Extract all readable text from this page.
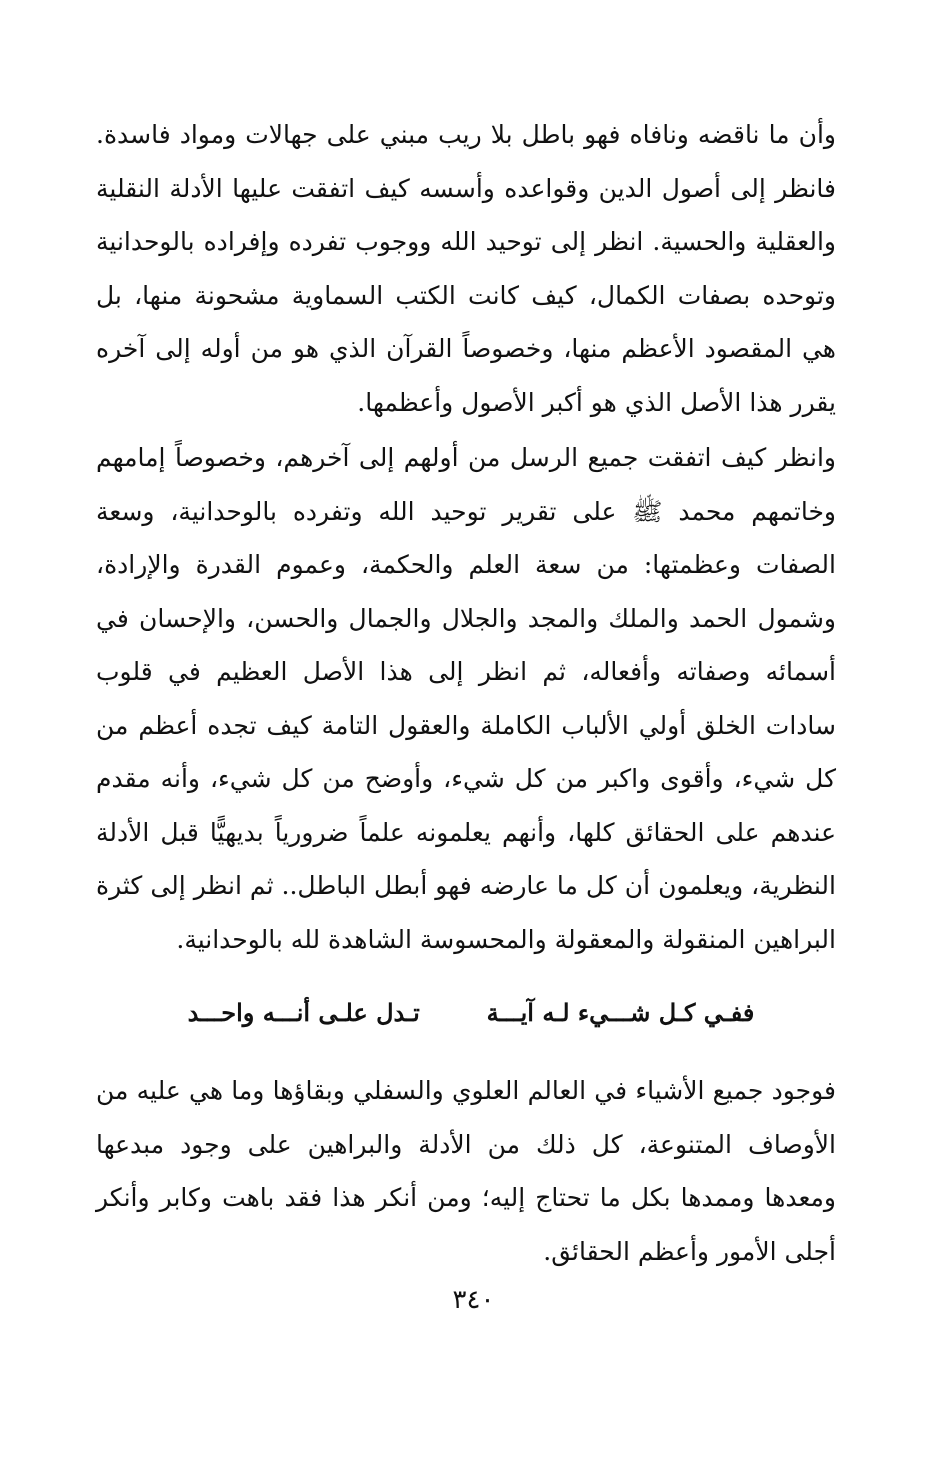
وأن ما ناقضه ونافاه فهو باطل بلا ريب مبني على جهالات ومواد فاسدة. فانظر إلى أصول الدين وقواعده وأسسه كيف اتفقت عليها الأدلة النقلية والعقلية والحسية. انظر إلى توحيد الله ووجوب تفرده وإفراده بالوحدانية وتوحده بصفات الكمال، كيف كانت الكتب السماوية مشحونة منها، بل هي المقصود الأعظم منها، وخصوصاً القرآن الذي هو من أوله إلى آخره يقرر هذا الأصل الذي هو أكبر الأصول وأعظمها.

وانظر كيف اتفقت جميع الرسل من أولهم إلى آخرهم، وخصوصاً إمامهم وخاتمهم محمد ﷺ على تقرير توحيد الله وتفرده بالوحدانية، وسعة الصفات وعظمتها: من سعة العلم والحكمة، وعموم القدرة والإرادة، وشمول الحمد والملك والمجد والجلال والجمال والحسن، والإحسان في أسمائه وصفاته وأفعاله، ثم انظر إلى هذا الأصل العظيم في قلوب سادات الخلق أولي الألباب الكاملة والعقول التامة كيف تجده أعظم من كل شيء، وأقوى واكبر من كل شيء، وأوضح من كل شيء، وأنه مقدم عندهم على الحقائق كلها، وأنهم يعلمونه علماً ضرورياً بديهيًّا قبل الأدلة النظرية، ويعلمون أن كل ما عارضه فهو أبطل الباطل.. ثم انظر إلى كثرة البراهين المنقولة والمعقولة والمحسوسة الشاهدة لله بالوحدانية.

ففـي كـل شـــيء لـه آيـــة        تـدل علـى أنـــه واحـــد

فوجود جميع الأشياء في العالم العلوي والسفلي وبقاؤها وما هي عليه من الأوصاف المتنوعة، كل ذلك من الأدلة والبراهين على وجود مبدعها ومعدها وممدها بكل ما تحتاج إليه؛ ومن أنكر هذا فقد باهت وكابر وأنكر أجلى الأمور وأعظم الحقائق.

٣٤٠
